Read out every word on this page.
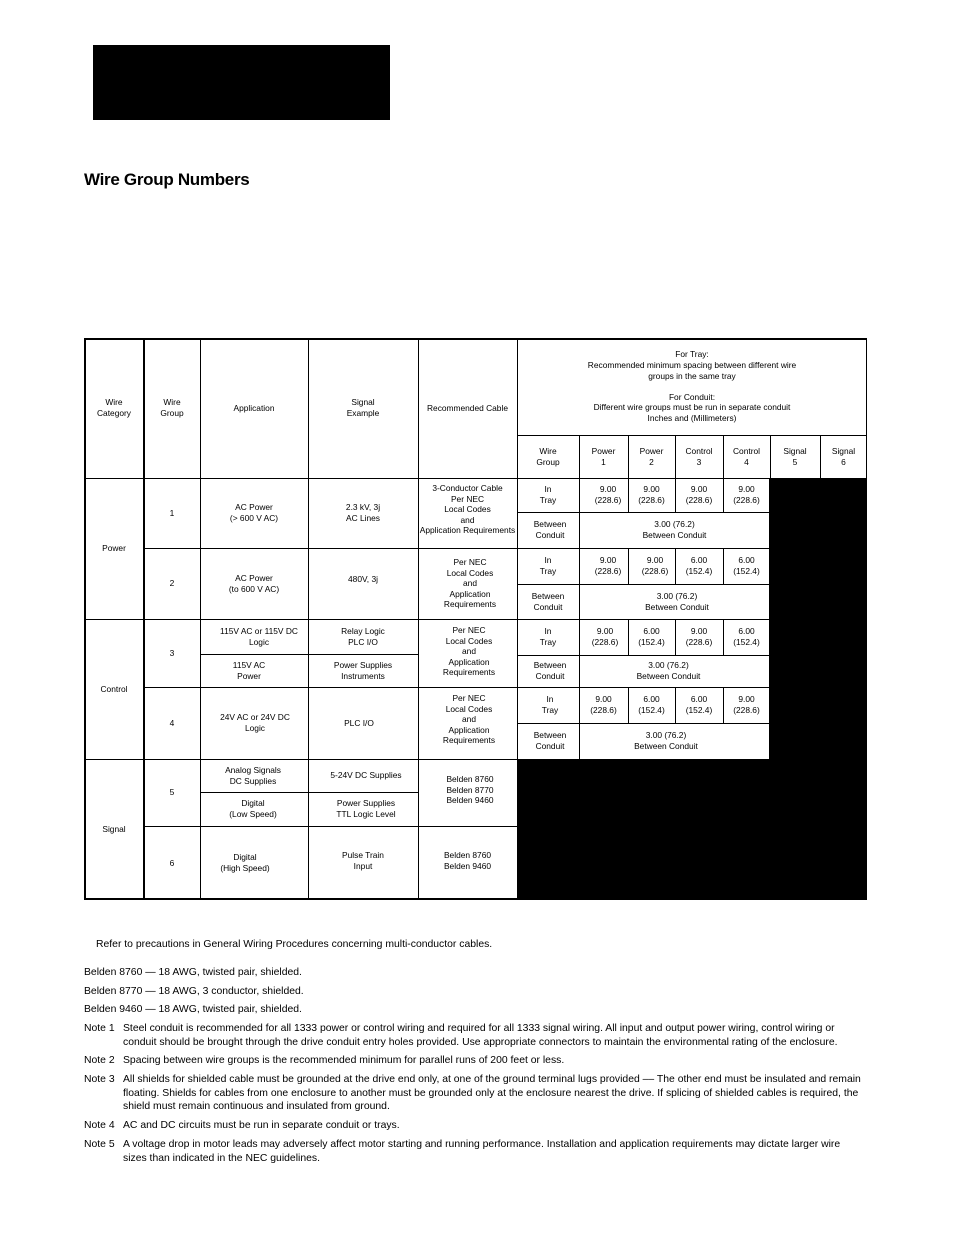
Wire Group Numbers
Wire
Category
Wire
Group
Application
Signal
Example
Recommended Cable
For Tray:
Recommended minimum spacing between different wire
groups in the same tray

For Conduit:
Different wire groups must be run in separate conduit
Inches and (Millimeters)
Wire
Group
Power
1
Power
2
Control
3
Control
4
Signal
5
Signal
6
Power
Control
Signal
1
2
3
4
5
6
AC Power
(> 600 V AC)
2.3 kV, 3j
AC Lines
3-Conductor Cable
Per NEC
Local Codes
and
Application Requirements
AC Power
(to 600 V AC)
480V, 3j
Per NEC
Local Codes
and
Application
Requirements
115V AC or 115V DC
Logic
Relay Logic
PLC I/O
115V AC
Power
Power Supplies
Instruments
Per NEC
Local Codes
and
Application
Requirements
24V AC or 24V DC
Logic
PLC I/O
Per NEC
Local Codes
and
Application
Requirements
Analog Signals
DC Supplies
5-24V DC Supplies
Digital
(Low Speed)
Power Supplies
TTL Logic Level
Belden 8760
Belden 8770
Belden 9460
Digital
(High Speed)
Pulse Train
Input
Belden 8760
Belden 9460
In
Tray
9.00
(228.6)
9.00
(228.6)
9.00
(228.6)
9.00
(228.6)
Between
Conduit
3.00 (76.2)
Between Conduit
In
Tray
9.00
(228.6)
9.00
(228.6)
6.00
(152.4)
6.00
(152.4)
Between
Conduit
3.00 (76.2)
Between Conduit
In
Tray
9.00
(228.6)
6.00
(152.4)
9.00
(228.6)
6.00
(152.4)
Between
Conduit
3.00 (76.2)
Between Conduit
In
Tray
9.00
(228.6)
6.00
(152.4)
6.00
(152.4)
9.00
(228.6)
Between
Conduit
3.00 (76.2)
Between Conduit
Refer to precautions in General Wiring Procedures concerning multi-conductor cables.
Belden 8760 — 18 AWG, twisted pair, shielded.
Belden 8770 — 18 AWG, 3 conductor, shielded.
Belden 9460 — 18 AWG, twisted pair, shielded.
Note 1 Steel conduit is recommended for all 1333 power or control wiring and required for all 1333 signal wiring. All input and output power wiring, control wiring or conduit should be brought through the drive conduit entry holes provided. Use appropriate connectors to maintain the environmental rating of the enclosure.
Note 2 Spacing between wire groups is the recommended minimum for parallel runs of 200 feet or less.
Note 3 All shields for shielded cable must be grounded at the drive end only, at one of the ground terminal lugs provided –– The other end must be insulated and remain floating. Shields for cables from one enclosure to another must be grounded only at the enclosure nearest the drive. If splicing of shielded cables is required, the shield must remain continuous and insulated from ground.
Note 4 AC and DC circuits must be run in separate conduit or trays.
Note 5 A voltage drop in motor leads may adversely affect motor starting and running performance. Installation and application requirements may dictate larger wire sizes than indicated in the NEC guidelines.
